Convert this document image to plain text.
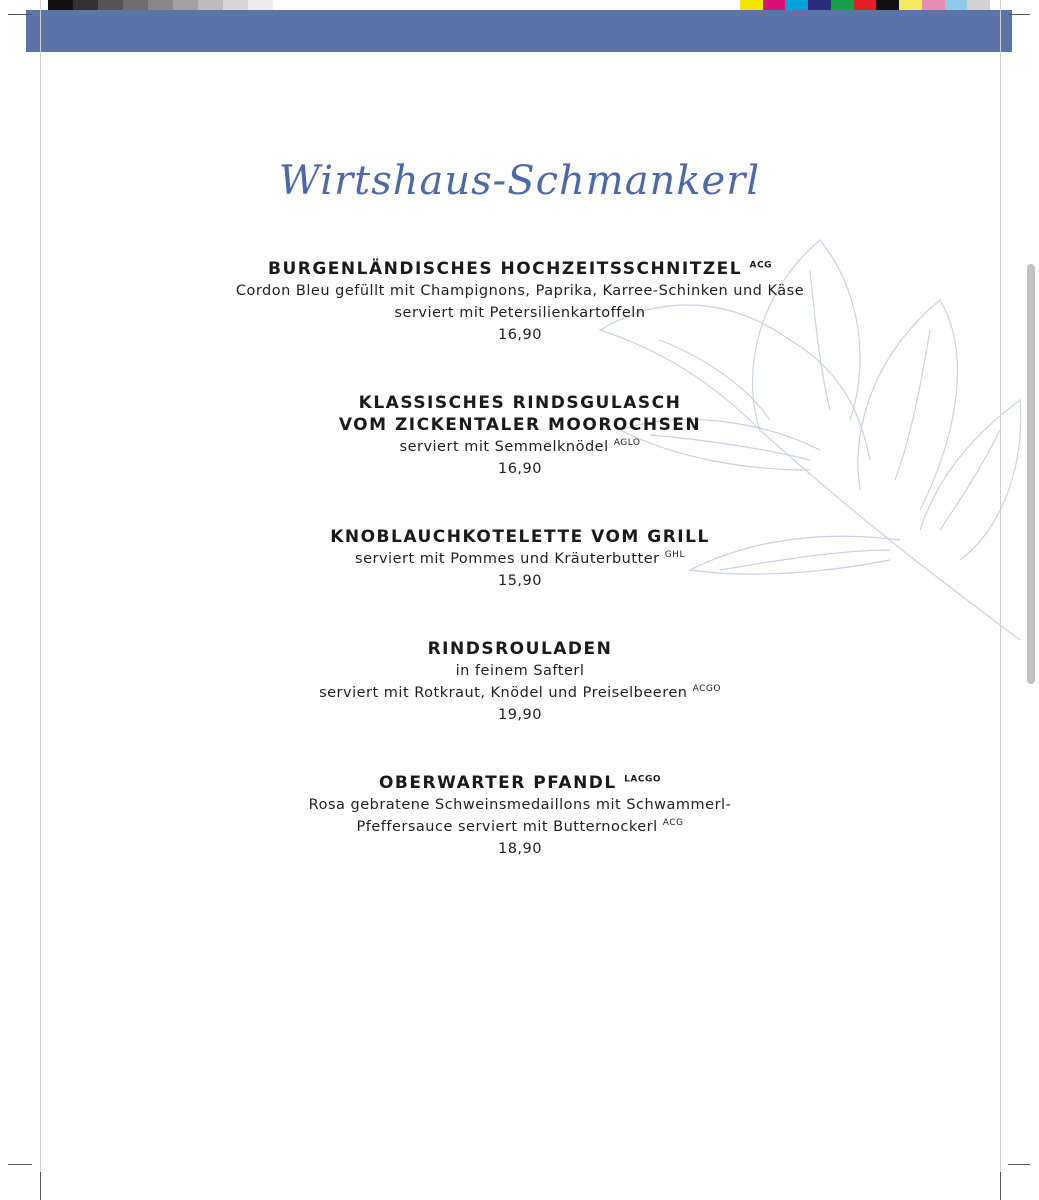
Wirtshaus-Schmankerl
BURGENLÄNDISCHES HOCHZEITSSCHNITZEL $^{ACG}$
Cordon Bleu gefüllt mit Champignons, Paprika, Karree-Schinken und Käse
serviert mit Petersilienkartoffeln
16,90
KLASSISCHES RINDSGULASCH
VOM ZICKENTALER MOOROCHSEN
serviert mit Semmelknödel $^{AGLO}$
16,90
KNOBLAUCHKOTELETTE VOM GRILL
serviert mit Pommes und Kräuterbutter $^{GHL}$
15,90
RINDSROULADEN
in feinem Safterl
serviert mit Rotkraut, Knödel und Preiselbeeren $^{ACGO}$
19,90
OBERWARTER PFANDL $^{LACGO}$
Rosa gebratene Schweinsmedaillons mit Schwammerl-
Pfeffersauce serviert mit Butternockerl $^{ACG}$
18,90
